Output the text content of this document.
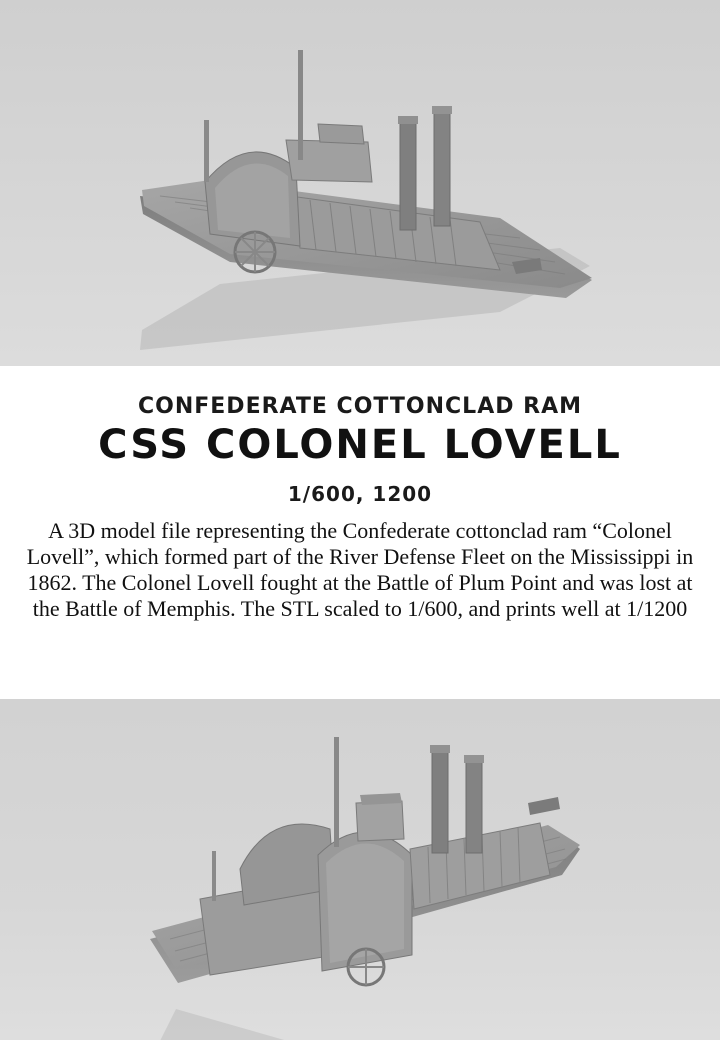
CONFEDERATE COTTONCLAD RAM
CSS COLONEL LOVELL
1/600, 1200
A 3D model file representing the Confederate cottonclad ram “Colonel Lovell”, which formed part of the River Defense Fleet on the Mississippi in 1862. The Colonel Lovell fought at the Battle of Plum Point and was lost at the Battle of Memphis. The STL scaled to 1/600, and prints well at 1/1200
